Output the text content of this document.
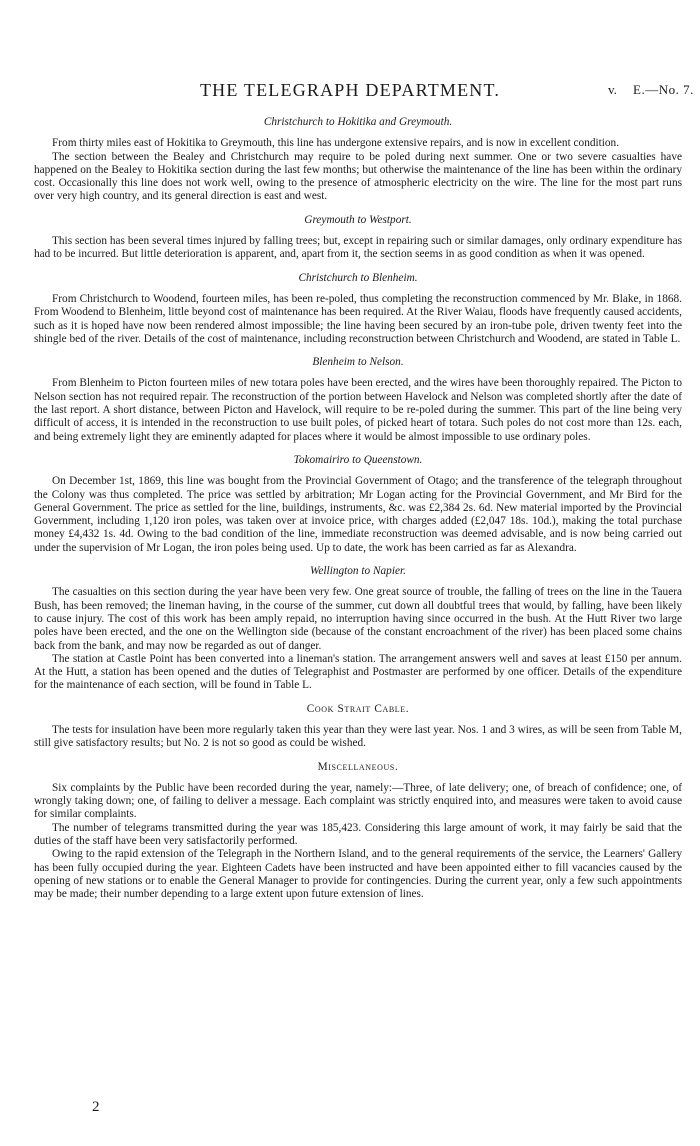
THE TELEGRAPH DEPARTMENT.	v. E.—No. 7.
Christchurch to Hokitika and Greymouth.

From thirty miles east of Hokitika to Greymouth, this line has undergone extensive repairs, and is now in excellent condition.

The section between the Bealey and Christchurch may require to be poled during next summer. One or two severe casualties have happened on the Bealey to Hokitika section during the last few months; but otherwise the maintenance of the line has been within the ordinary cost. Occasionally this line does not work well, owing to the presence of atmospheric electricity on the wire. The line for the most part runs over very high country, and its general direction is east and west.

Greymouth to Westport.

This section has been several times injured by falling trees; but, except in repairing such or similar damages, only ordinary expenditure has had to be incurred. But little deterioration is apparent, and, apart from it, the section seems in as good condition as when it was opened.

Christchurch to Blenheim.

From Christchurch to Woodend, fourteen miles, has been re-poled, thus completing the reconstruction commenced by Mr. Blake, in 1868. From Woodend to Blenheim, little beyond cost of maintenance has been required. At the River Waiau, floods have frequently caused accidents, such as it is hoped have now been rendered almost impossible; the line having been secured by an iron-tube pole, driven twenty feet into the shingle bed of the river. Details of the cost of maintenance, including reconstruction between Christchurch and Woodend, are stated in Table L.

Blenheim to Nelson.

From Blenheim to Picton fourteen miles of new totara poles have been erected, and the wires have been thoroughly repaired. The Picton to Nelson section has not required repair. The reconstruction of the portion between Havelock and Nelson was completed shortly after the date of the last report. A short distance, between Picton and Havelock, will require to be re-poled during the summer. This part of the line being very difficult of access, it is intended in the reconstruction to use built poles, of picked heart of totara. Such poles do not cost more than 12s. each, and being extremely light they are eminently adapted for places where it would be almost impossible to use ordinary poles.

Tokomairiro to Queenstown.

On December 1st, 1869, this line was bought from the Provincial Government of Otago; and the transference of the telegraph throughout the Colony was thus completed. The price was settled by arbitration; Mr Logan acting for the Provincial Government, and Mr Bird for the General Government. The price as settled for the line, buildings, instruments, &c. was £2,384 2s. 6d. New material imported by the Provincial Government, including 1,120 iron poles, was taken over at invoice price, with charges added (£2,047 18s. 10d.), making the total purchase money £4,432 1s. 4d. Owing to the bad condition of the line, immediate reconstruction was deemed advisable, and is now being carried out under the supervision of Mr Logan, the iron poles being used. Up to date, the work has been carried as far as Alexandra.

Wellington to Napier.

The casualties on this section during the year have been very few. One great source of trouble, the falling of trees on the line in the Tauera Bush, has been removed; the lineman having, in the course of the summer, cut down all doubtful trees that would, by falling, have been likely to cause injury. The cost of this work has been amply repaid, no interruption having since occurred in the bush. At the Hutt River two large poles have been erected, and the one on the Wellington side (because of the constant encroachment of the river) has been placed some chains back from the bank, and may now be regarded as out of danger.

The station at Castle Point has been converted into a lineman's station. The arrangement answers well and saves at least £150 per annum. At the Hutt, a station has been opened and the duties of Telegraphist and Postmaster are performed by one officer. Details of the expenditure for the maintenance of each section, will be found in Table L.

Cook Strait Cable.

The tests for insulation have been more regularly taken this year than they were last year. Nos. 1 and 3 wires, as will be seen from Table M, still give satisfactory results; but No. 2 is not so good as could be wished.

Miscellaneous.

Six complaints by the Public have been recorded during the year, namely:—Three, of late delivery; one, of breach of confidence; one, of wrongly taking down; one, of failing to deliver a message. Each complaint was strictly enquired into, and measures were taken to avoid cause for similar complaints.

The number of telegrams transmitted during the year was 185,423. Considering this large amount of work, it may fairly be said that the duties of the staff have been very satisfactorily performed.

Owing to the rapid extension of the Telegraph in the Northern Island, and to the general requirements of the service, the Learners' Gallery has been fully occupied during the year. Eighteen Cadets have been instructed and have been appointed either to fill vacancies caused by the opening of new stations or to enable the General Manager to provide for contingencies. During the current year, only a few such appointments may be made; their number depending to a large extent upon future extension of lines.

2
